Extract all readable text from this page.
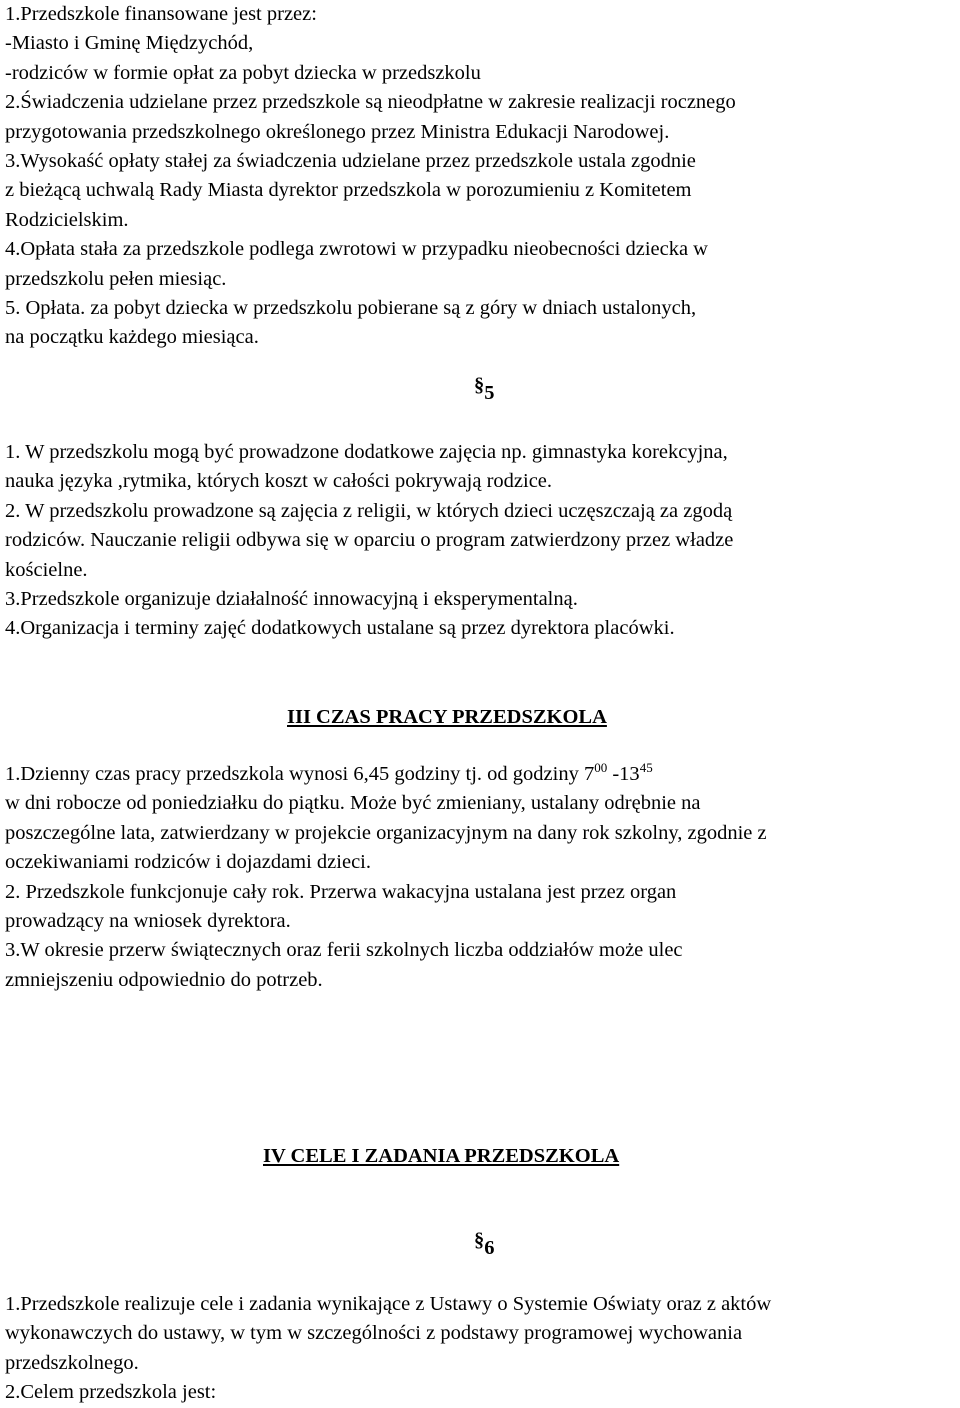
1.Przedszkole finansowane jest przez:
-Miasto i Gminę Międzychód,
-rodziców w formie opłat za pobyt dziecka w przedszkolu
2.Świadczenia udzielane przez przedszkole są nieodpłatne w zakresie realizacji rocznego
przygotowania przedszkolnego określonego przez Ministra Edukacji Narodowej.
3.Wysokaść opłaty stałej za świadczenia udzielane przez przedszkole ustala zgodnie
z bieżącą uchwalą Rady Miasta dyrektor przedszkola w porozumieniu z Komitetem
Rodzicielskim.
4.Opłata stała za przedszkole podlega zwrotowi w przypadku nieobecności dziecka w
przedszkolu pełen miesiąc.
5. Opłata. za pobyt dziecka w przedszkolu pobierane są z góry w dniach ustalonych,
na początku każdego miesiąca.
§5
1. W przedszkolu mogą być prowadzone dodatkowe zajęcia np. gimnastyka korekcyjna,
nauka języka ,rytmika, których koszt w całości pokrywają rodzice.
2. W przedszkolu prowadzone są zajęcia z religii, w których dzieci uczęszczają za zgodą
rodziców. Nauczanie religii odbywa się w oparciu o program zatwierdzony przez władze
kościelne.
3.Przedszkole organizuje działalność innowacyjną i eksperymentalną.
4.Organizacja i terminy zajęć dodatkowych ustalane są przez dyrektora placówki.
III CZAS PRACY PRZEDSZKOLA
1.Dzienny czas pracy przedszkola wynosi 6,45 godziny tj. od godziny $7^{00}$ $-13^{45}$
w dni robocze od poniedziałku do piątku. Może być zmieniany, ustalany odrębnie na
poszczególne lata, zatwierdzany w projekcie organizacyjnym na dany rok szkolny, zgodnie z
oczekiwaniami rodziców i dojazdami dzieci.
2. Przedszkole funkcjonuje cały rok. Przerwa wakacyjna ustalana jest przez organ
prowadzący na wniosek dyrektora.
3.W okresie przerw świątecznych oraz ferii szkolnych liczba oddziałów może ulec
zmniejszeniu odpowiednio do potrzeb.
IV CELE I ZADANIA PRZEDSZKOLA
§6
1.Przedszkole realizuje cele i zadania wynikające z Ustawy o Systemie Oświaty oraz z aktów
wykonawczych do ustawy, w tym w szczególności z podstawy programowej wychowania
przedszkolnego.
2.Celem przedszkola jest:
